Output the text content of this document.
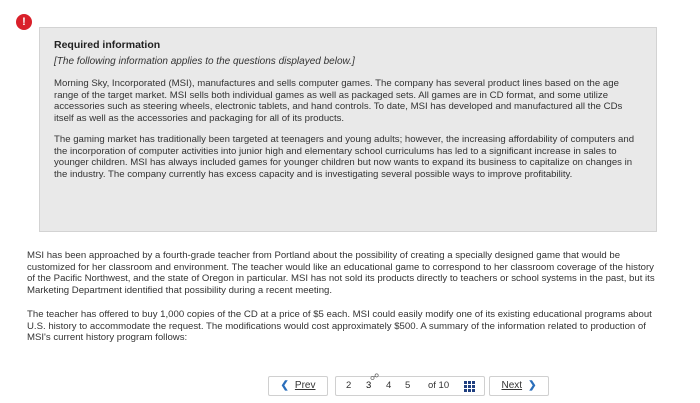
!

Required information

[The following information applies to the questions displayed below.]

Morning Sky, Incorporated (MSI), manufactures and sells computer games. The company has several product lines based on the age range of the target market. MSI sells both individual games as well as packaged sets. All games are in CD format, and some utilize accessories such as steering wheels, electronic tablets, and hand controls. To date, MSI has developed and manufactured all the CDs itself as well as the accessories and packaging for all of its products.

The gaming market has traditionally been targeted at teenagers and young adults; however, the increasing affordability of computers and the incorporation of computer activities into junior high and elementary school curriculums has led to a significant increase in sales to younger children. MSI has always included games for younger children but now wants to expand its business to capitalize on changes in the industry. The company currently has excess capacity and is investigating several possible ways to improve profitability.

MSI has been approached by a fourth-grade teacher from Portland about the possibility of creating a specially designed game that would be customized for her classroom and environment. The teacher would like an educational game to correspond to her classroom coverage of the history of the Pacific Northwest, and the state of Oregon in particular. MSI has not sold its products directly to teachers or school systems in the past, but its Marketing Department identified that possibility during a recent meeting.

The teacher has offered to buy 1,000 copies of the CD at a price of $5 each. MSI could easily modify one of its existing educational programs about U.S. history to accommodate the request. The modifications would cost approximately $500. A summary of the information related to production of MSI's current history program follows:

❮ Prev	2 3
☍
4 5 of 10	Next ❯
